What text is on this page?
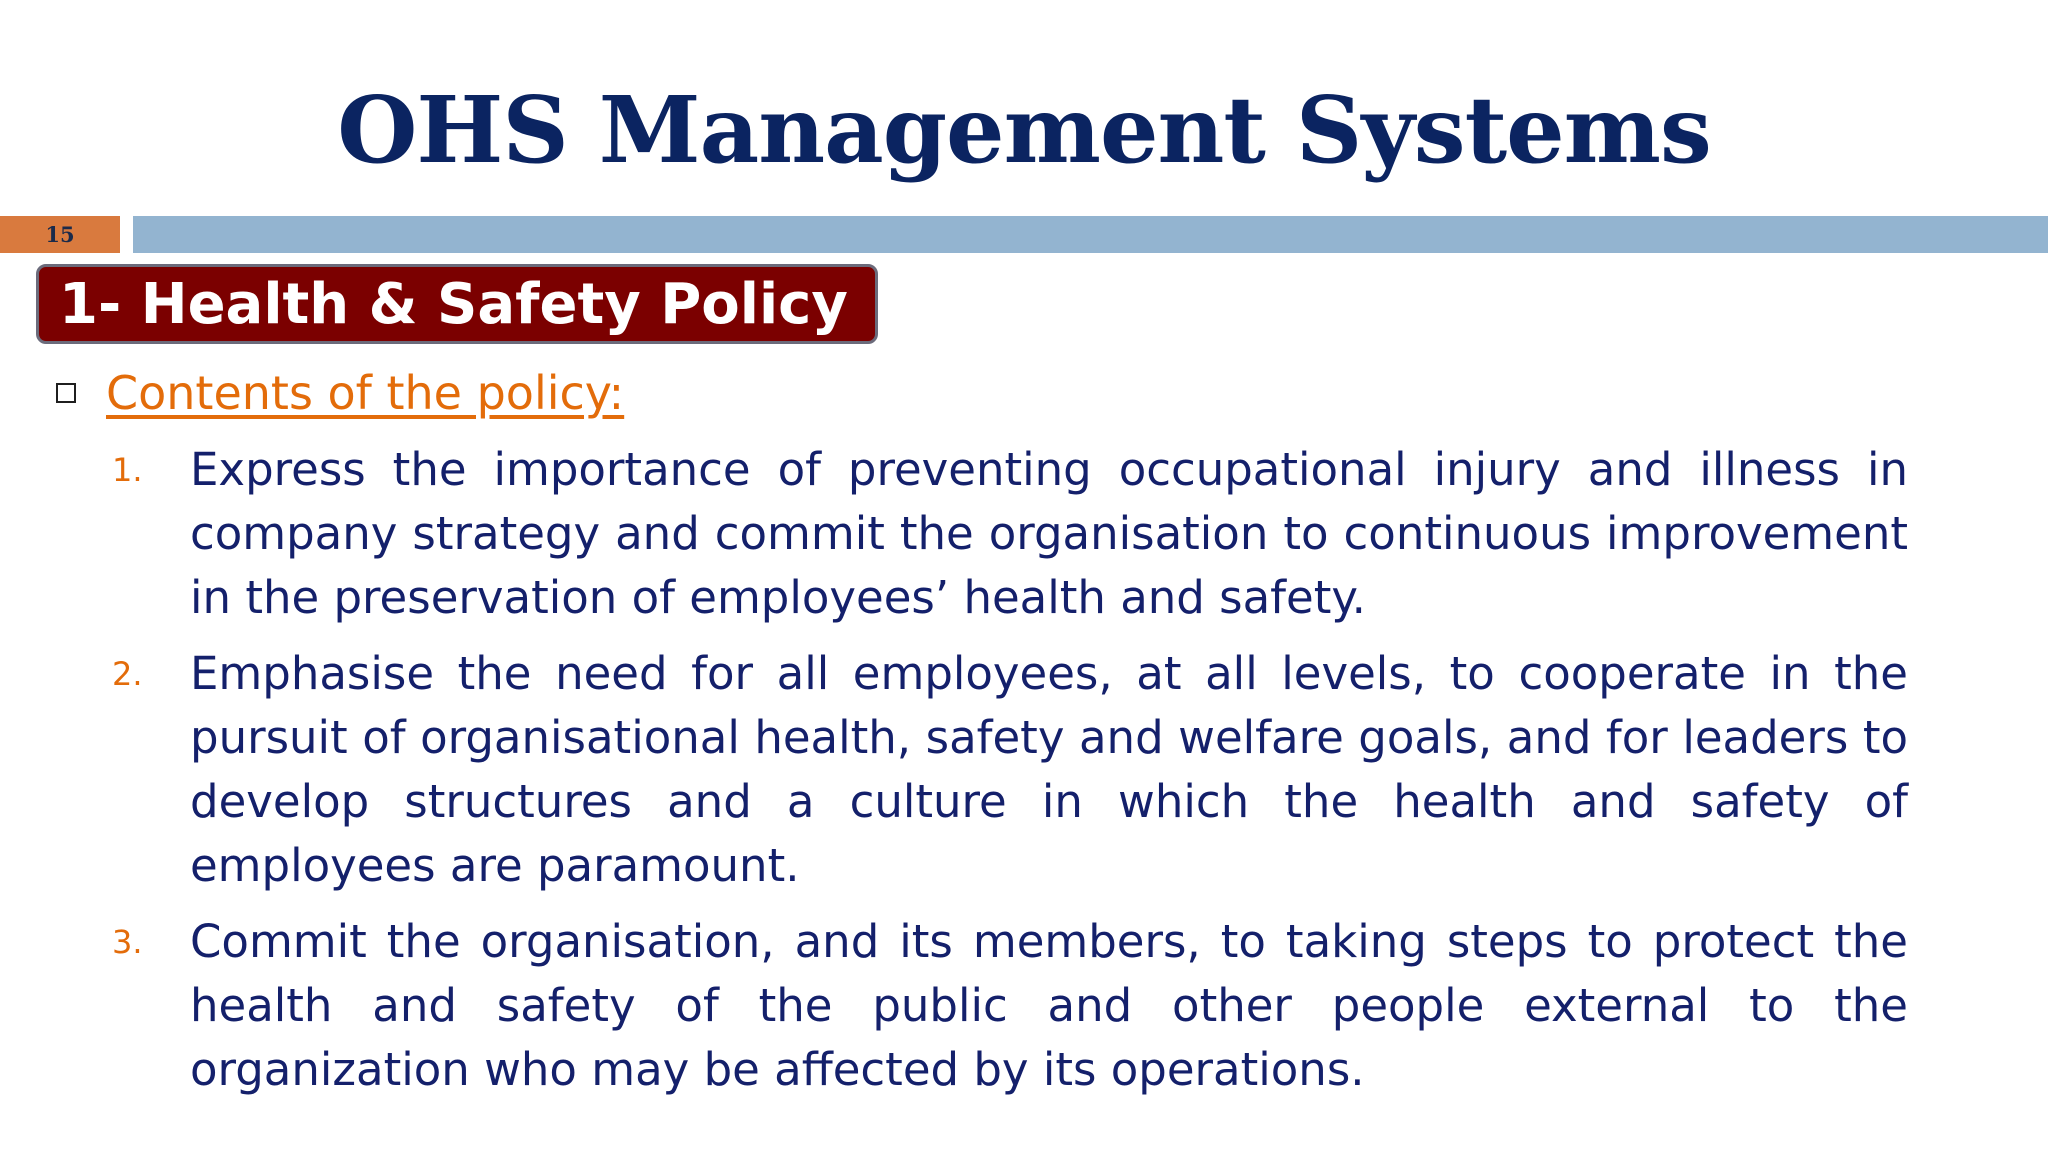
OHS Management Systems
15
1- Health & Safety Policy
Contents of the policy:
1.	Express the importance of preventing occupational injury and illness in company strategy and commit the organisation to continuous improvement in the preservation of employees’ health and safety.
2.	Emphasise the need for all employees, at all levels, to cooperate in the pursuit of organisational health, safety and welfare goals, and for leaders to develop structures and a culture in which the health and safety of employees are paramount.
3.	Commit the organisation, and its members, to taking steps to protect the health and safety of the public and other people external to the organization who may be affected by its operations.
